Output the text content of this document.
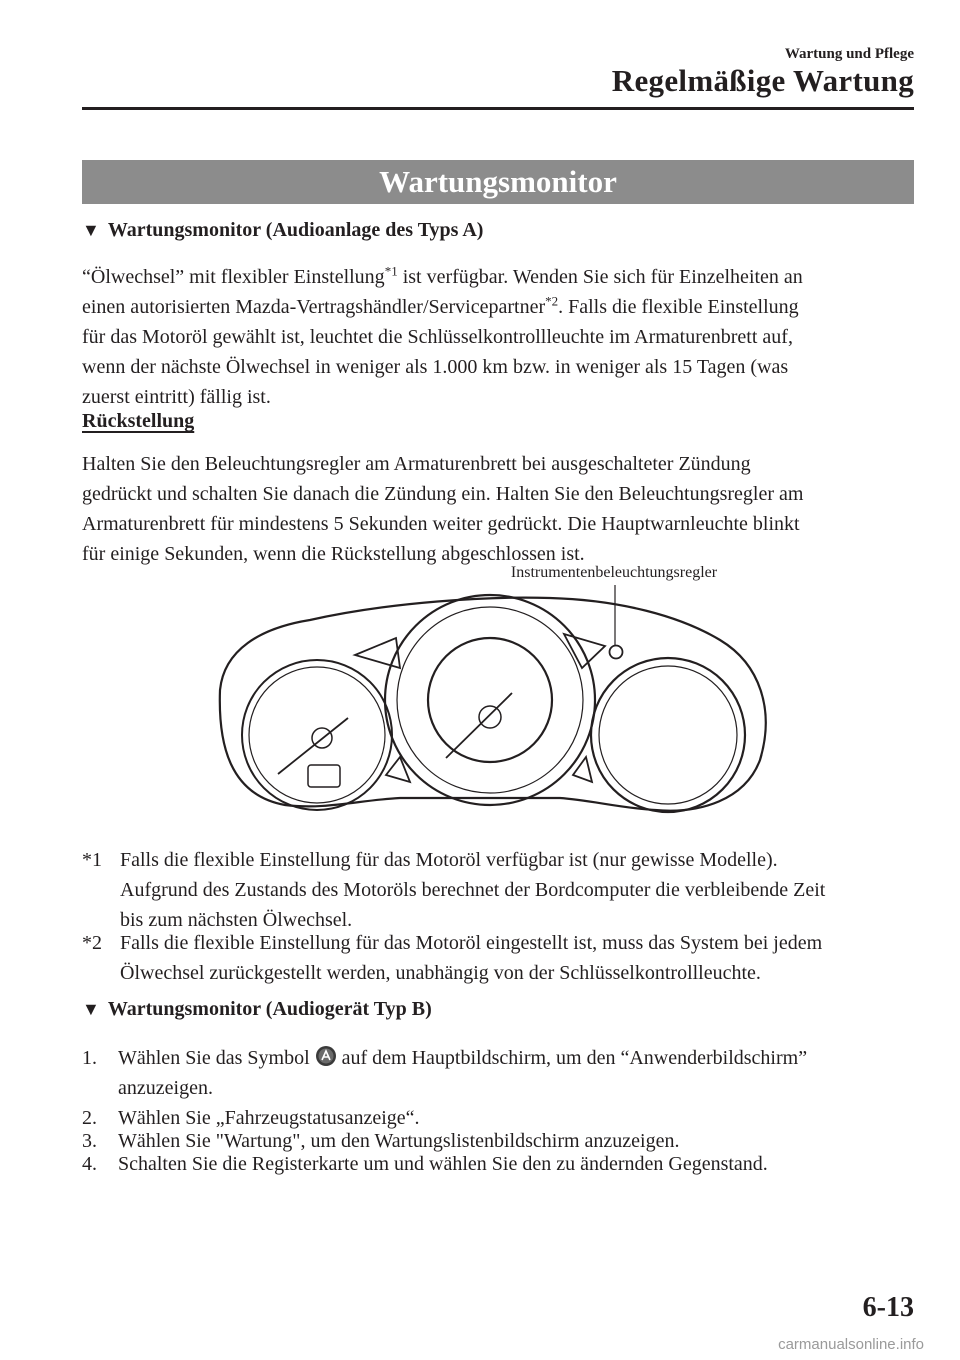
Wartung und Pflege
Regelmäßige Wartung
Wartungsmonitor
▼ Wartungsmonitor (Audioanlage des Typs A)
“Ölwechsel” mit flexibler Einstellung$^{*1}$ ist verfügbar. Wenden Sie sich für Einzelheiten an
einen autorisierten Mazda-Vertragshändler/Servicepartner$^{*2}$. Falls die flexible Einstellung
für das Motoröl gewählt ist, leuchtet die Schlüsselkontrollleuchte im Armaturenbrett auf,
wenn der nächste Ölwechsel in weniger als 1.000 km bzw. in weniger als 15 Tagen (was
zuerst eintritt) fällig ist.
Rückstellung
Halten Sie den Beleuchtungsregler am Armaturenbrett bei ausgeschalteter Zündung
gedrückt und schalten Sie danach die Zündung ein. Halten Sie den Beleuchtungsregler am
Armaturenbrett für mindestens 5 Sekunden weiter gedrückt. Die Hauptwarnleuchte blinkt
für einige Sekunden, wenn die Rückstellung abgeschlossen ist.
Instrumentenbeleuchtungsregler
*1 Falls die flexible Einstellung für das Motoröl verfügbar ist (nur gewisse Modelle).
Aufgrund des Zustands des Motoröls berechnet der Bordcomputer die verbleibende Zeit
bis zum nächsten Ölwechsel.
*2 Falls die flexible Einstellung für das Motoröl eingestellt ist, muss das System bei jedem
Ölwechsel zurückgestellt werden, unabhängig von der Schlüsselkontrollleuchte.
▼ Wartungsmonitor (Audiogerät Typ B)
1. Wählen Sie das Symbol  auf dem Hauptbildschirm, um den “Anwenderbildschirm”
anzuzeigen.
2. Wählen Sie „Fahrzeugstatusanzeige“.
3. Wählen Sie "Wartung", um den Wartungslistenbildschirm anzuzeigen.
4. Schalten Sie die Registerkarte um und wählen Sie den zu ändernden Gegenstand.
6-13
carmanualsonline.info
